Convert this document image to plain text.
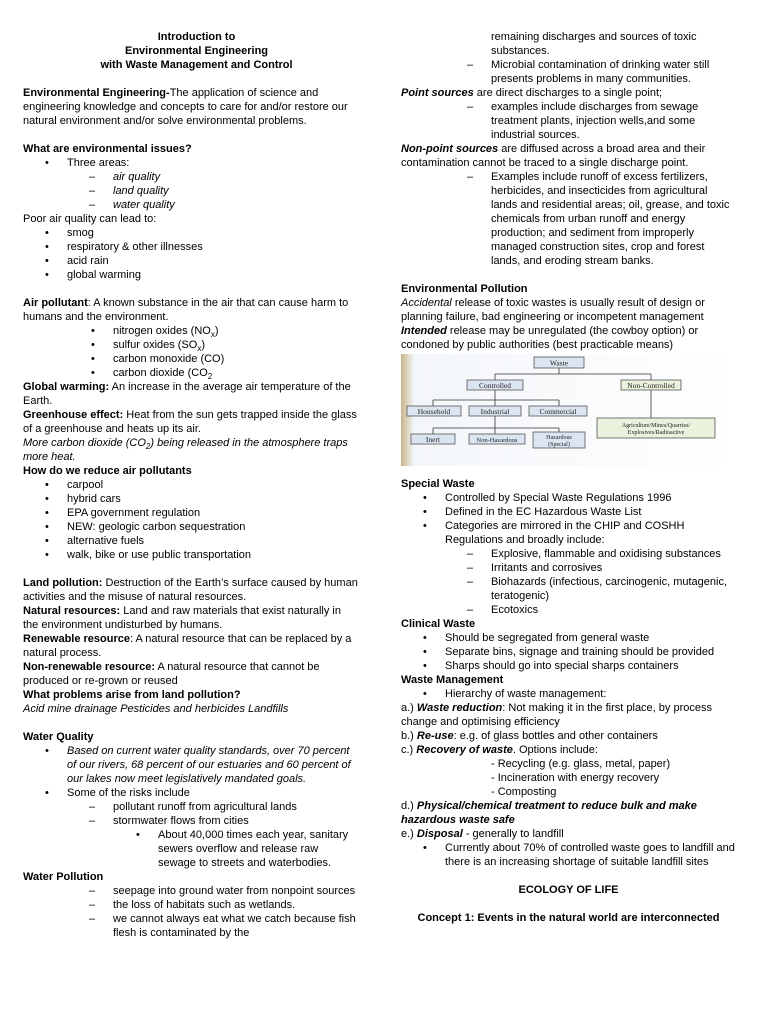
Introduction to
Environmental Engineering
with Waste Management and Control

Environmental Engineering-The application of science and engineering knowledge and concepts to care for and/or restore our natural environment and/or solve environmental problems.

What are environmental issues?

• Three areas:
– air quality
– land quality
– water quality

Poor air quality can lead to:

• smog
• respiratory & other illnesses
• acid rain
• global warming

Air pollutant: A known substance in the air that can cause harm to humans and the environment.

• nitrogen oxides $(NO_x)$
• sulfur oxides $(SO_x)$
• carbon monoxide (CO)
• carbon dioxide ($CO_2$

Global warming: An increase in the average air temperature of the Earth.

Greenhouse effect: Heat from the sun gets trapped inside the glass of a greenhouse and heats up its air.

More carbon dioxide $(CO_2)$ being released in the atmosphere traps more heat.

How do we reduce air pollutants

• carpool
• hybrid cars
• EPA government regulation
• NEW: geologic carbon sequestration
• alternative fuels
• walk, bike or use public transportation

Land pollution: Destruction of the Earth’s surface caused by human activities and the misuse of natural resources.

Natural resources: Land and raw materials that exist naturally in the environment undisturbed by humans.

Renewable resource: A natural resource that can be replaced by a natural process.

Non-renewable resource: A natural resource that cannot be produced or re-grown or reused

What problems arise from land pollution?

Acid mine drainage Pesticides and herbicides Landfills

Water Quality

• Based on current water quality standards, over 70 percent of our rivers, 68 percent of our estuaries and 60 percent of our lakes now meet legislatively mandated goals.
• Some of the risks include
– pollutant runoff from agricultural lands
– stormwater flows from cities
• About 40,000 times each year, sanitary sewers overflow and release raw sewage to streets and waterbodies.

Water Pollution

– seepage into ground water from nonpoint sources
– the loss of habitats such as wetlands.
– we cannot always eat what we catch because fish flesh is contaminated by the
remaining discharges and sources of toxic substances.
– Microbial contamination of drinking water still presents problems in many communities.

Point sources are direct discharges to a single point;

– examples include discharges from sewage treatment plants, injection wells,and some industrial sources.

Non-point sources are diffused across a broad area and their contamination cannot be traced to a single discharge point.

– Examples include runoff of excess fertilizers, herbicides, and insecticides from agricultural lands and residential areas; oil, grease, and toxic chemicals from urban runoff and energy production; and sediment from improperly managed construction sites, crop and forest lands, and eroding stream banks.

Environmental Pollution

Accidental release of toxic wastes is usually result of design or planning failure, bad engineering or incompetent management

Intended release may be unregulated (the cowboy option) or condoned by public authorities (best practicable means)

Waste
Controlled	Non-Controlled
Household	Industrial	Commercial
Inert	Non-Hazardous	Hazardous
(Special)
Agriculture/Mines/Quarries/
Explosives/Radioactive

Special Waste

• Controlled by Special Waste Regulations 1996
• Defined in the EC Hazardous Waste List
• Categories are mirrored in the CHIP and COSHH Regulations and broadly include:
– Explosive, flammable and oxidising substances
– Irritants and corrosives
– Biohazards (infectious, carcinogenic, mutagenic, teratogenic)
– Ecotoxics

Clinical Waste

• Should be segregated from general waste
• Separate bins, signage and training should be provided
• Sharps should go into special sharps containers

Waste Management

• Hierarchy of waste management:

a.) Waste reduction: Not making it in the first place, by process change and optimising efficiency

b.) Re-use: e.g. of glass bottles and other containers

c.) Recovery of waste. Options include:

- Recycling (e.g. glass, metal, paper)
- Incineration with energy recovery
- Composting

d.) Physical/chemical treatment to reduce bulk and make hazardous waste safe

e.) Disposal - generally to landfill

• Currently about 70% of controlled waste goes to landfill and there is an increasing shortage of suitable landfill sites

ECOLOGY OF LIFE

Concept 1: Events in the natural world are interconnected
